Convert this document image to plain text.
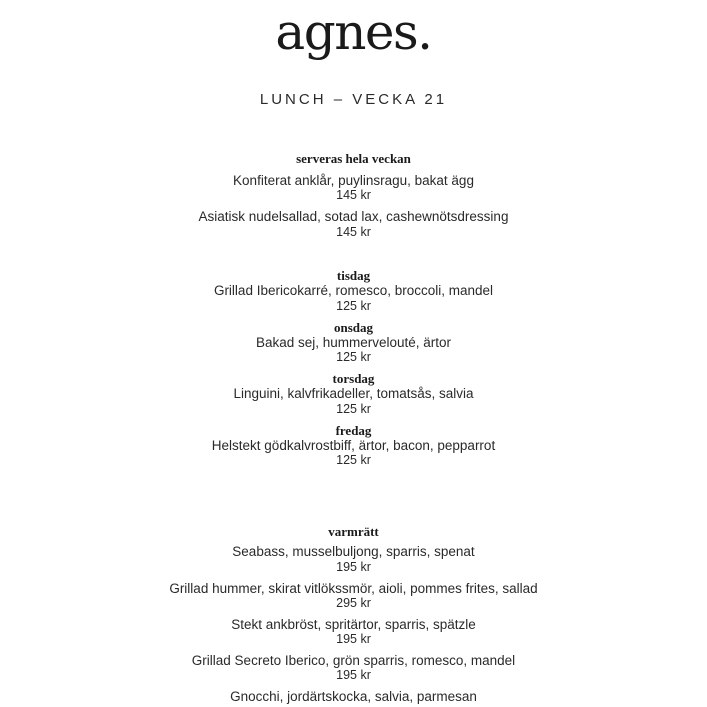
agnes.
LUNCH – VECKA 21
serveras hela veckan
Konfiterat anklår, puylinsragu, bakat ägg
145 kr
Asiatisk nudelsallad, sotad lax, cashewnötsdressing
145 kr
tisdag
Grillad Ibericokarré, romesco, broccoli, mandel
125 kr
onsdag
Bakad sej, hummervelouté, ärtor
125 kr
torsdag
Linguini, kalvfrikadeller, tomatsås, salvia
125 kr
fredag
Helstekt gödkalvrostbiff, ärtor, bacon, pepparrot
125 kr
varmrätt
Seabass, musselbuljong, sparris, spenat
195 kr
Grillad hummer, skirat vitlökssmör, aioli, pommes frites, sallad
295 kr
Stekt ankbröst, spritärtor, sparris, spätzle
195 kr
Grillad Secreto Iberico, grön sparris, romesco, mandel
195 kr
Gnocchi, jordärtskocka, salvia, parmesan
